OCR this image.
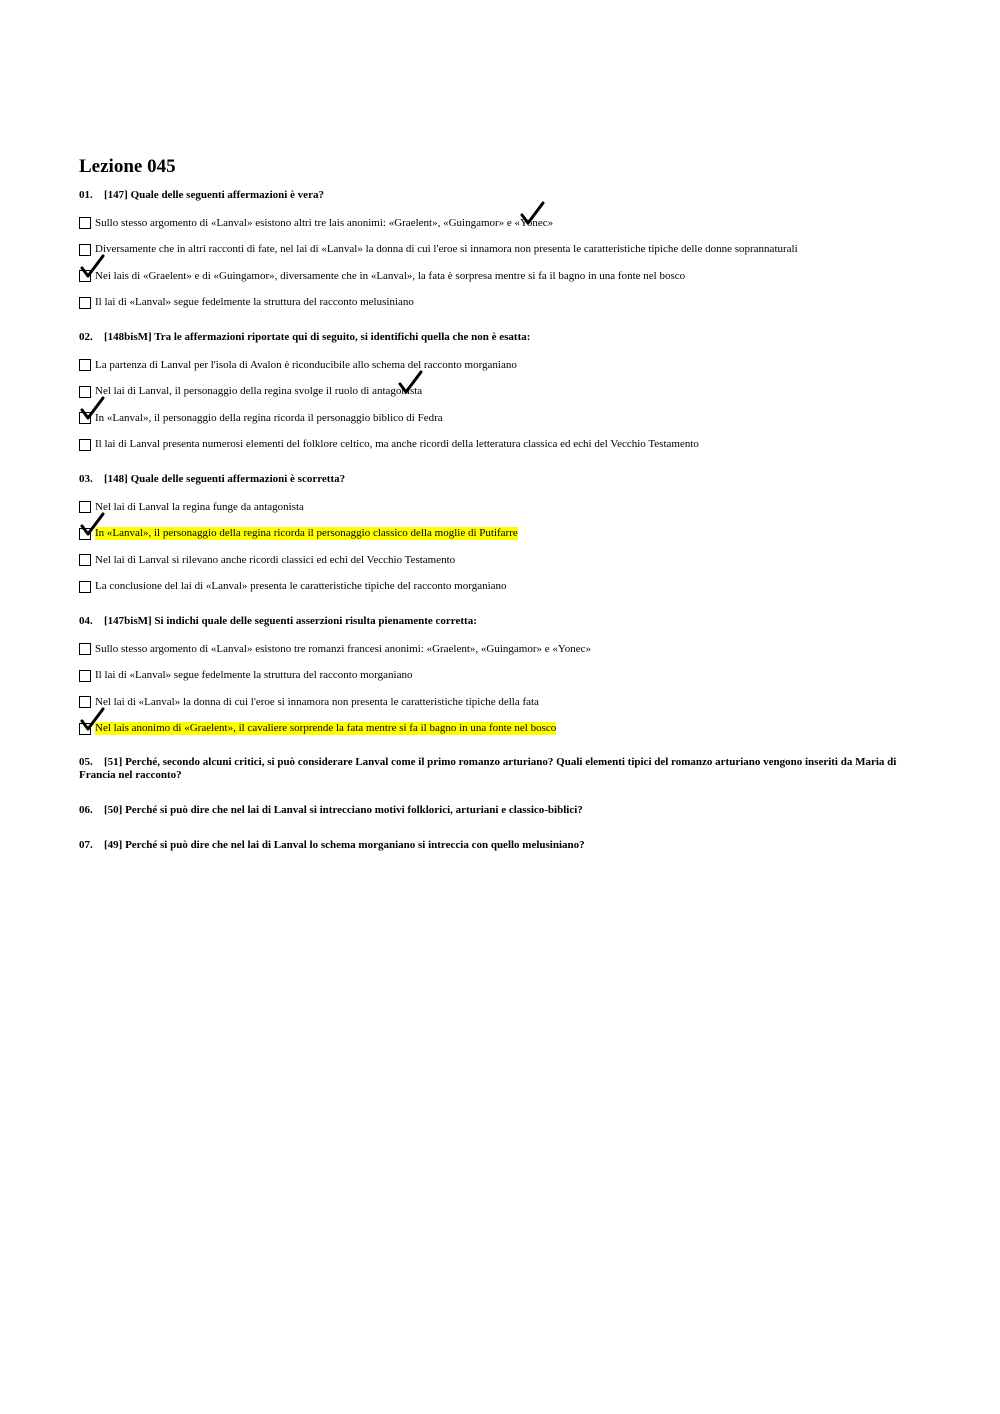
Lezione 045
01. [147] Quale delle seguenti affermazioni è vera?
Sullo stesso argomento di «Lanval» esistono altri tre lais anonimi: «Graelent», «Guingamor» e «Yonec»
Diversamente che in altri racconti di fate, nel lai di «Lanval» la donna di cui l'eroe si innamora non presenta le caratteristiche tipiche delle donne soprannaturali
Nei lais di «Graelent» e di «Guingamor», diversamente che in «Lanval», la fata è sorpresa mentre si fa il bagno in una fonte nel bosco
Il lai di «Lanval» segue fedelmente la struttura del racconto melusiniano
02. [148bisM] Tra le affermazioni riportate qui di seguito, si identifichi quella che non è esatta:
La partenza di Lanval per l'isola di Avalon è riconducibile allo schema del racconto morganiano
Nel lai di Lanval, il personaggio della regina svolge il ruolo di antagonista
In «Lanval», il personaggio della regina ricorda il personaggio biblico di Fedra
Il lai di Lanval presenta numerosi elementi del folklore celtico, ma anche ricordi della letteratura classica ed echi del Vecchio Testamento
03. [148] Quale delle seguenti affermazioni è scorretta?
Nel lai di Lanval la regina funge da antagonista
In «Lanval», il personaggio della regina ricorda il personaggio classico della moglie di Putifarre
Nel lai di Lanval si rilevano anche ricordi classici ed echi del Vecchio Testamento
La conclusione del lai di «Lanval» presenta le caratteristiche tipiche del racconto morganiano
04. [147bisM] Si indichi quale delle seguenti asserzioni risulta pienamente corretta:
Sullo stesso argomento di «Lanval» esistono tre romanzi francesi anonimi: «Graelent», «Guingamor» e «Yonec»
Il lai di «Lanval» segue fedelmente la struttura del racconto morganiano
Nel lai di «Lanval» la donna di cui l'eroe si innamora non presenta le caratteristiche tipiche della fata
Nel lais anonimo di «Graelent», il cavaliere sorprende la fata mentre si fa il bagno in una fonte nel bosco
05. [51] Perché, secondo alcuni critici, si può considerare Lanval come il primo romanzo arturiano? Quali elementi tipici del romanzo arturiano vengono inseriti da Maria di Francia nel racconto?
06. [50] Perché si può dire che nel lai di Lanval si intrecciano motivi folklorici, arturiani e classico-biblici?
07. [49] Perché si può dire che nel lai di Lanval lo schema morganiano si intreccia con quello melusiniano?
